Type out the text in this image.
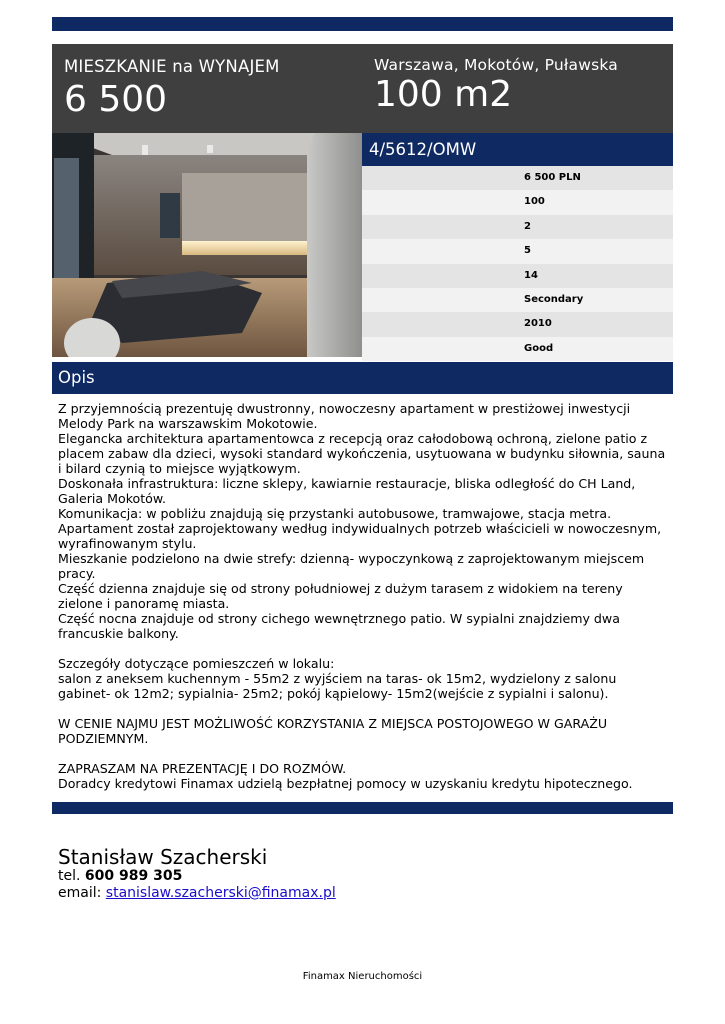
MIESZKANIE na WYNAJEM
6 500
Warszawa, Mokotów, Puławska
100 m2
4/5612/OMW
6 500 PLN
100
2
5
14
Secondary
2010
Good
Opis

Z przyjemnością prezentuję dwustronny, nowoczesny apartament w prestiżowej inwestycji Melody Park na warszawskim Mokotowie.

Elegancka architektura apartamentowca z recepcją oraz całodobową ochroną, zielone patio z placem zabaw dla dzieci, wysoki standard wykończenia, usytuowana w budynku siłownia, sauna i bilard czynią to miejsce wyjątkowym.

Doskonała infrastruktura: liczne sklepy, kawiarnie restauracje, bliska odległość do CH Land, Galeria Mokotów.

Komunikacja: w pobliżu znajdują się przystanki autobusowe, tramwajowe, stacja metra.

Apartament został zaprojektowany według indywidualnych potrzeb właścicieli w nowoczesnym, wyrafinowanym stylu.

Mieszkanie podzielono na dwie strefy: dzienną- wypoczynkową z zaprojektowanym miejscem pracy.

Część dzienna znajduje się od strony południowej z dużym tarasem z widokiem na tereny zielone i panoramę miasta.

Część nocna znajduje od strony cichego wewnętrznego patio. W sypialni znajdziemy dwa francuskie balkony.

Szczegóły dotyczące pomieszczeń w lokalu:

salon z aneksem kuchennym - 55m2 z wyjściem na taras- ok 15m2, wydzielony z salonu gabinet- ok 12m2; sypialnia- 25m2; pokój kąpielowy- 15m2(wejście z sypialni i salonu).

W CENIE NAJMU JEST MOŻLIWOŚĆ KORZYSTANIA Z MIEJSCA POSTOJOWEGO W GARAŻU PODZIEMNYM.

ZAPRASZAM NA PREZENTACJĘ I DO ROZMÓW.

Doradcy kredytowi Finamax udzielą bezpłatnej pomocy w uzyskaniu kredytu hipotecznego.

Stanisław Szacherski
tel. 600 989 305
email: stanislaw.szacherski@finamax.pl
Finamax Nieruchomości
